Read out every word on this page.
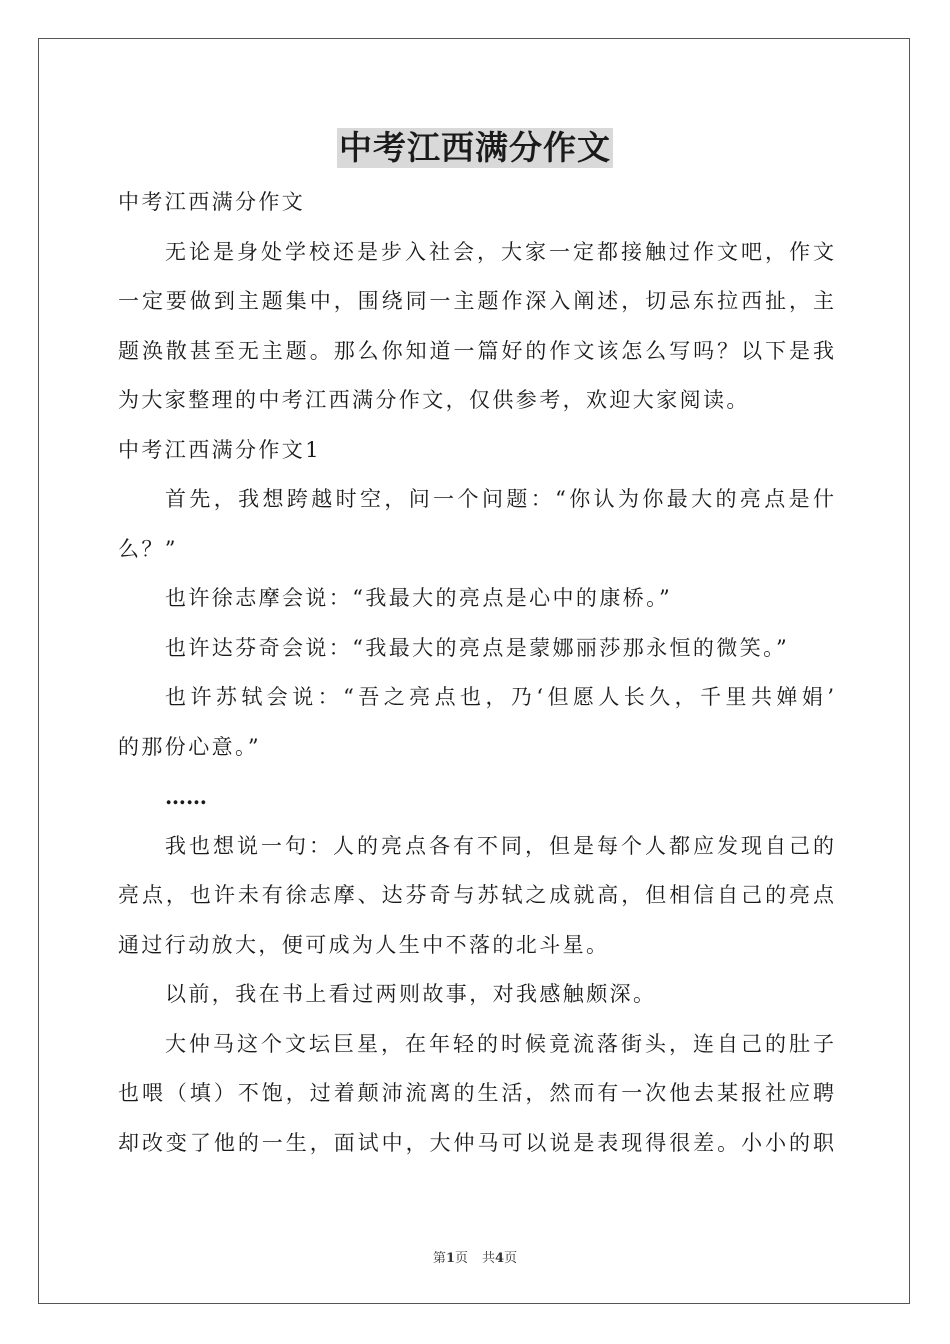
中考江西满分作文
中考江西满分作文
无论是身处学校还是步入社会，大家一定都接触过作文吧，作文
一定要做到主题集中，围绕同一主题作深入阐述，切忌东拉西扯，主
题涣散甚至无主题。那么你知道一篇好的作文该怎么写吗？以下是我
为大家整理的中考江西满分作文，仅供参考，欢迎大家阅读。
中考江西满分作文1
首先，我想跨越时空，问一个问题：“你认为你最大的亮点是什
么？”
也许徐志摩会说：“我最大的亮点是心中的康桥。”
也许达芬奇会说：“我最大的亮点是蒙娜丽莎那永恒的微笑。”
也许苏轼会说：“吾之亮点也，乃‘但愿人长久，千里共婵娟’
的那份心意。”
……
我也想说一句：人的亮点各有不同，但是每个人都应发现自己的
亮点，也许未有徐志摩、达芬奇与苏轼之成就高，但相信自己的亮点
通过行动放大，便可成为人生中不落的北斗星。
以前，我在书上看过两则故事，对我感触颇深。
大仲马这个文坛巨星，在年轻的时候竟流落街头，连自己的肚子
也喂（填）不饱，过着颠沛流离的生活，然而有一次他去某报社应聘
却改变了他的一生，面试中，大仲马可以说是表现得很差。小小的职
第1页 共4页
